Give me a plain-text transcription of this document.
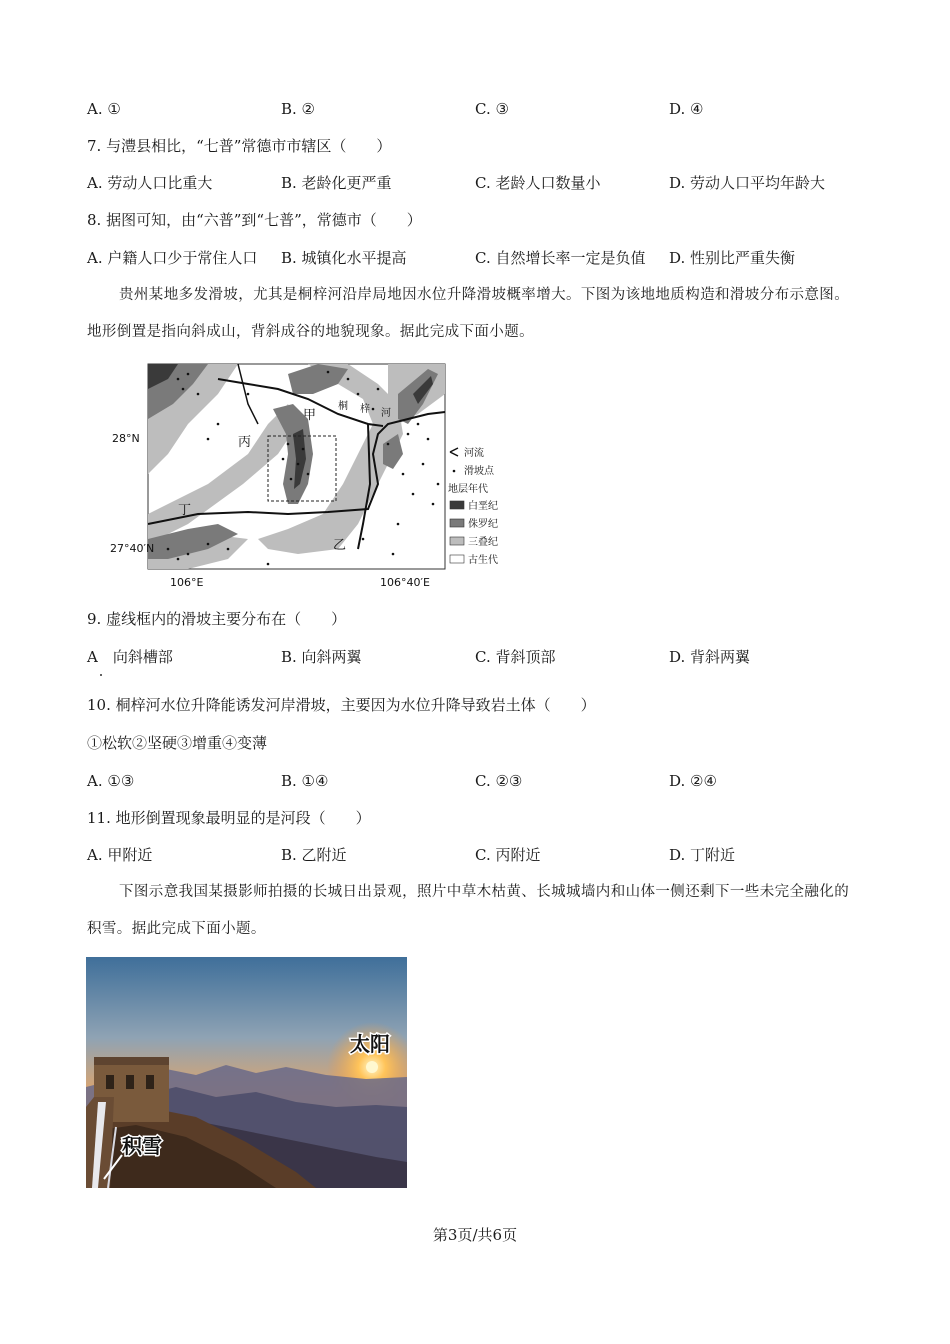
A. ①	B. ②	C. ③	D. ④
7. 与澧县相比，“七普”常德市市辖区（　　）
A. 劳动人口比重大	B. 老龄化更严重	C. 老龄人口数量小	D. 劳动人口平均年龄大
8. 据图可知，由“六普”到“七普”，常德市（　　）
A. 户籍人口少于常住人口 B. 城镇化水平提高	C. 自然增长率一定是负值 D. 性别比严重失衡
贵州某地多发滑坡，尤其是桐梓河沿岸局地因水位升降滑坡概率增大。下图为该地地质构造和滑坡分布示意图。地形倒置是指向斜成山，背斜成谷的地貌现象。据此完成下面小题。
甲
乙
丙
丁
桐 梓 河
28°N
27°40′N
106°E	106°40′E
河流
滑坡点
地层年代
白垩纪
侏罗纪
三叠纪
古生代
9. 虚线框内的滑坡主要分布在（　　）
A　向斜槽部	B. 向斜两翼	C. 背斜顶部	D. 背斜两翼
10. 桐梓河水位升降能诱发河岸滑坡，主要因为水位升降导致岩土体（　　）
①松软②坚硬③增重④变薄
A. ①③	B. ①④	C. ②③	D. ②④
11. 地形倒置现象最明显的是河段（　　）
A. 甲附近	B. 乙附近	C. 丙附近	D. 丁附近
下图示意我国某摄影师拍摄的长城日出景观，照片中草木枯黄、长城城墙内和山体一侧还剩下一些未完全融化的积雪。据此完成下面小题。
太阳
积雪
第3页/共6页
